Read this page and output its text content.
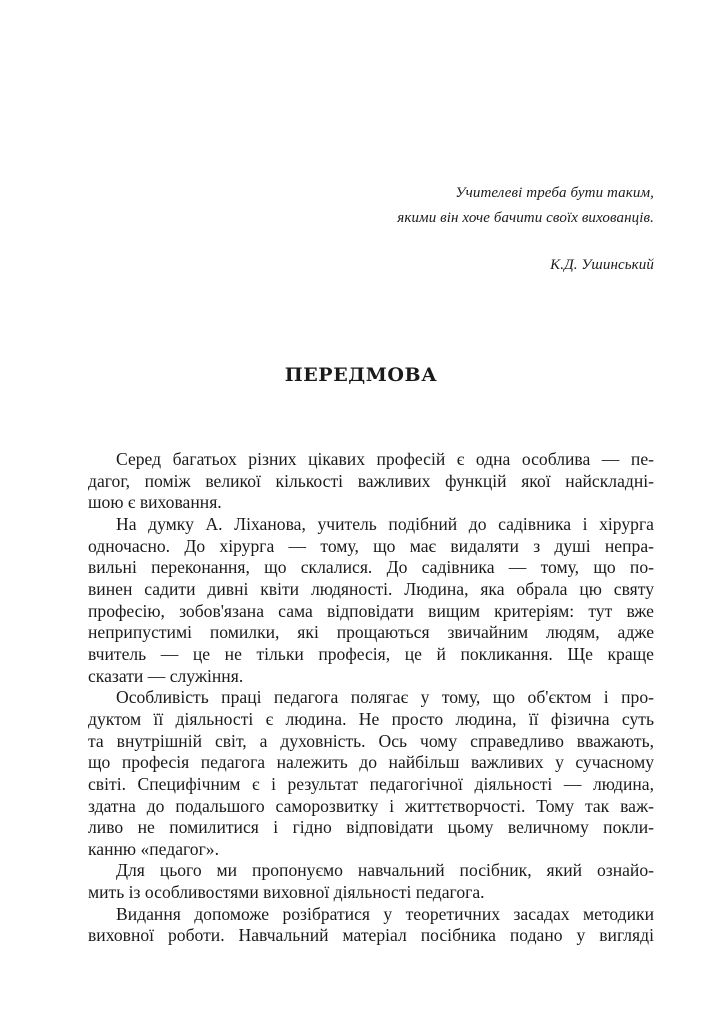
Учителеві треба бути таким,
якими він хоче бачити своїх вихованців.
К.Д. Ушинський
ПЕРЕДМОВА

Серед багатьох різних цікавих професій є одна особлива — пе-
дагог, поміж великої кількості важливих функцій якої найскладні-
шою є виховання.

На думку А. Ліханова, учитель подібний до садівника і хірурга
одночасно. До хірурга — тому, що має видаляти з душі непра-
вильні переконання, що склалися. До садівника — тому, що по-
винен садити дивні квіти людяності. Людина, яка обрала цю святу
професію, зобов'язана сама відповідати вищим критеріям: тут вже
неприпустимі помилки, які прощаються звичайним людям, адже
вчитель — це не тільки професія, це й покликання. Ще краще
сказати — служіння.

Особливість праці педагога полягає у тому, що об'єктом і про-
дуктом її діяльності є людина. Не просто людина, її фізична суть
та внутрішній світ, а духовність. Ось чому справедливо вважають,
що професія педагога належить до найбільш важливих у сучасному
світі. Специфічним є і результат педагогічної діяльності — людина,
здатна до подальшого саморозвитку і життєтворчості. Тому так важ-
ливо не помилитися і гідно відповідати цьому величному покли-
канню «педагог».

Для цього ми пропонуємо навчальний посібник, який ознайо-
мить із особливостями виховної діяльності педагога.

Видання допоможе розібратися у теоретичних засадах методики
виховної роботи. Навчальний матеріал посібника подано у вигляді
